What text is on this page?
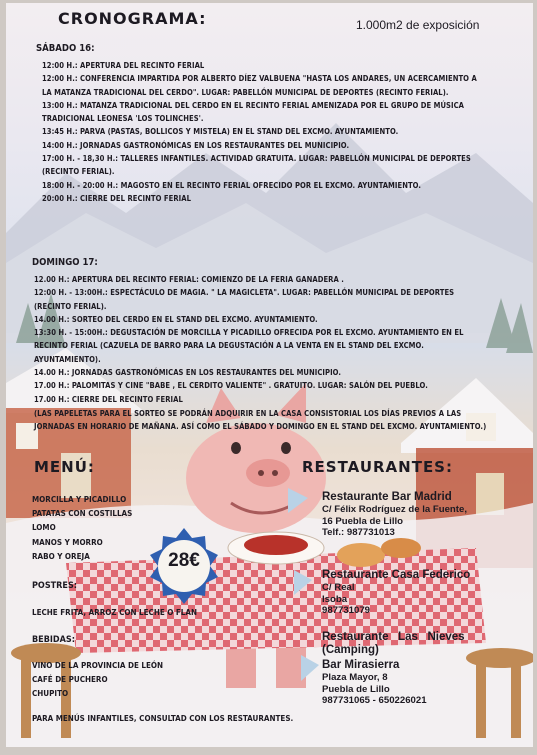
CRONOGRAMA:	1.000m2 de exposición
SÁBADO 16:
12:00 H.: APERTURA DEL RECINTO FERIAL
12:00 H.: CONFERENCIA IMPARTIDA POR ALBERTO DÍEZ VALBUENA "HASTA LOS ANDARES, UN ACERCAMIENTO A LA MATANZA TRADICIONAL DEL CERDO". LUGAR: PABELLÓN MUNICIPAL DE DEPORTES (RECINTO FERIAL).
13:00 H.: MATANZA TRADICIONAL DEL CERDO EN EL RECINTO FERIAL AMENIZADA POR EL GRUPO DE MÚSICA TRADICIONAL LEONESA 'LOS TOLINCHES'.
13:45 H.: PARVA (PASTAS, BOLLICOS Y MISTELA) EN EL STAND DEL EXCMO. AYUNTAMIENTO.
14:00 H.: JORNADAS GASTRONÓMICAS EN LOS RESTAURANTES DEL MUNICIPIO.
17:00 H. - 18,30 H.: TALLERES INFANTILES. ACTIVIDAD GRATUITA. LUGAR: PABELLÓN MUNICIPAL DE DEPORTES (RECINTO FERIAL).
18:00 H. - 20:00 H.: MAGOSTO EN EL RECINTO FERIAL OFRECIDO POR EL EXCMO. AYUNTAMIENTO.
20:00 H.: CIERRE DEL RECINTO FERIAL
DOMINGO 17:
12.00 H.: APERTURA DEL RECINTO FERIAL: COMIENZO DE LA FERIA GANADERA .
12:00 H. - 13:00H.: ESPECTÁCULO DE MAGIA. " LA MAGICLETA". LUGAR: PABELLÓN MUNICIPAL DE DEPORTES (RECINTO FERIAL).
14.00 H.: SORTEO DEL CERDO EN EL STAND DEL EXCMO. AYUNTAMIENTO.
13:30 H. - 15:00H.: DEGUSTACIÓN DE MORCILLA Y PICADILLO OFRECIDA POR EL EXCMO. AYUNTAMIENTO EN EL RECINTO FERIAL (CAZUELA DE BARRO PARA LA DEGUSTACIÓN A LA VENTA EN EL STAND DEL EXCMO. AYUNTAMIENTO).
14.00 H.: JORNADAS GASTRONÓMICAS EN LOS RESTAURANTES DEL MUNICIPIO.
17.00 H.: PALOMITAS Y CINE "BABE , EL CERDITO VALIENTE" . GRATUITO. LUGAR: SALÓN DEL PUEBLO.
17.00 H.: CIERRE DEL RECINTO FERIAL
(LAS PAPELETAS PARA EL SORTEO SE PODRÁN ADQUIRIR EN LA CASA CONSISTORIAL LOS DÍAS PREVIOS A LAS JORNADAS EN HORARIO DE MAÑANA. ASÍ COMO EL SÁBADO Y DOMINGO EN EL STAND DEL EXCMO. AYUNTAMIENTO.)
MENÚ:
MORCILLA Y PICADILLO
PATATAS CON COSTILLAS
LOMO
MANOS Y MORRO
RABO Y OREJA	28€
POSTRES:
LECHE FRITA, ARROZ CON LECHE O FLAN
BEBIDAS:
VINO DE LA PROVINCIA DE LEÓN
CAFÉ DE PUCHERO
CHUPITO
PARA MENÚS INFANTILES, CONSULTAD CON LOS RESTAURANTES.
RESTAURANTES:
Restaurante Bar Madrid
C/ Félix Rodríguez de la Fuente,
16 Puebla de Lillo
Telf.: 987731013
Restaurante Casa Federico
C/ Real
Isoba
987731079
Restaurante   Las   Nieves
(Camping)
Bar Mirasierra
Plaza Mayor, 8
Puebla de Lillo
987731065 - 650226021
